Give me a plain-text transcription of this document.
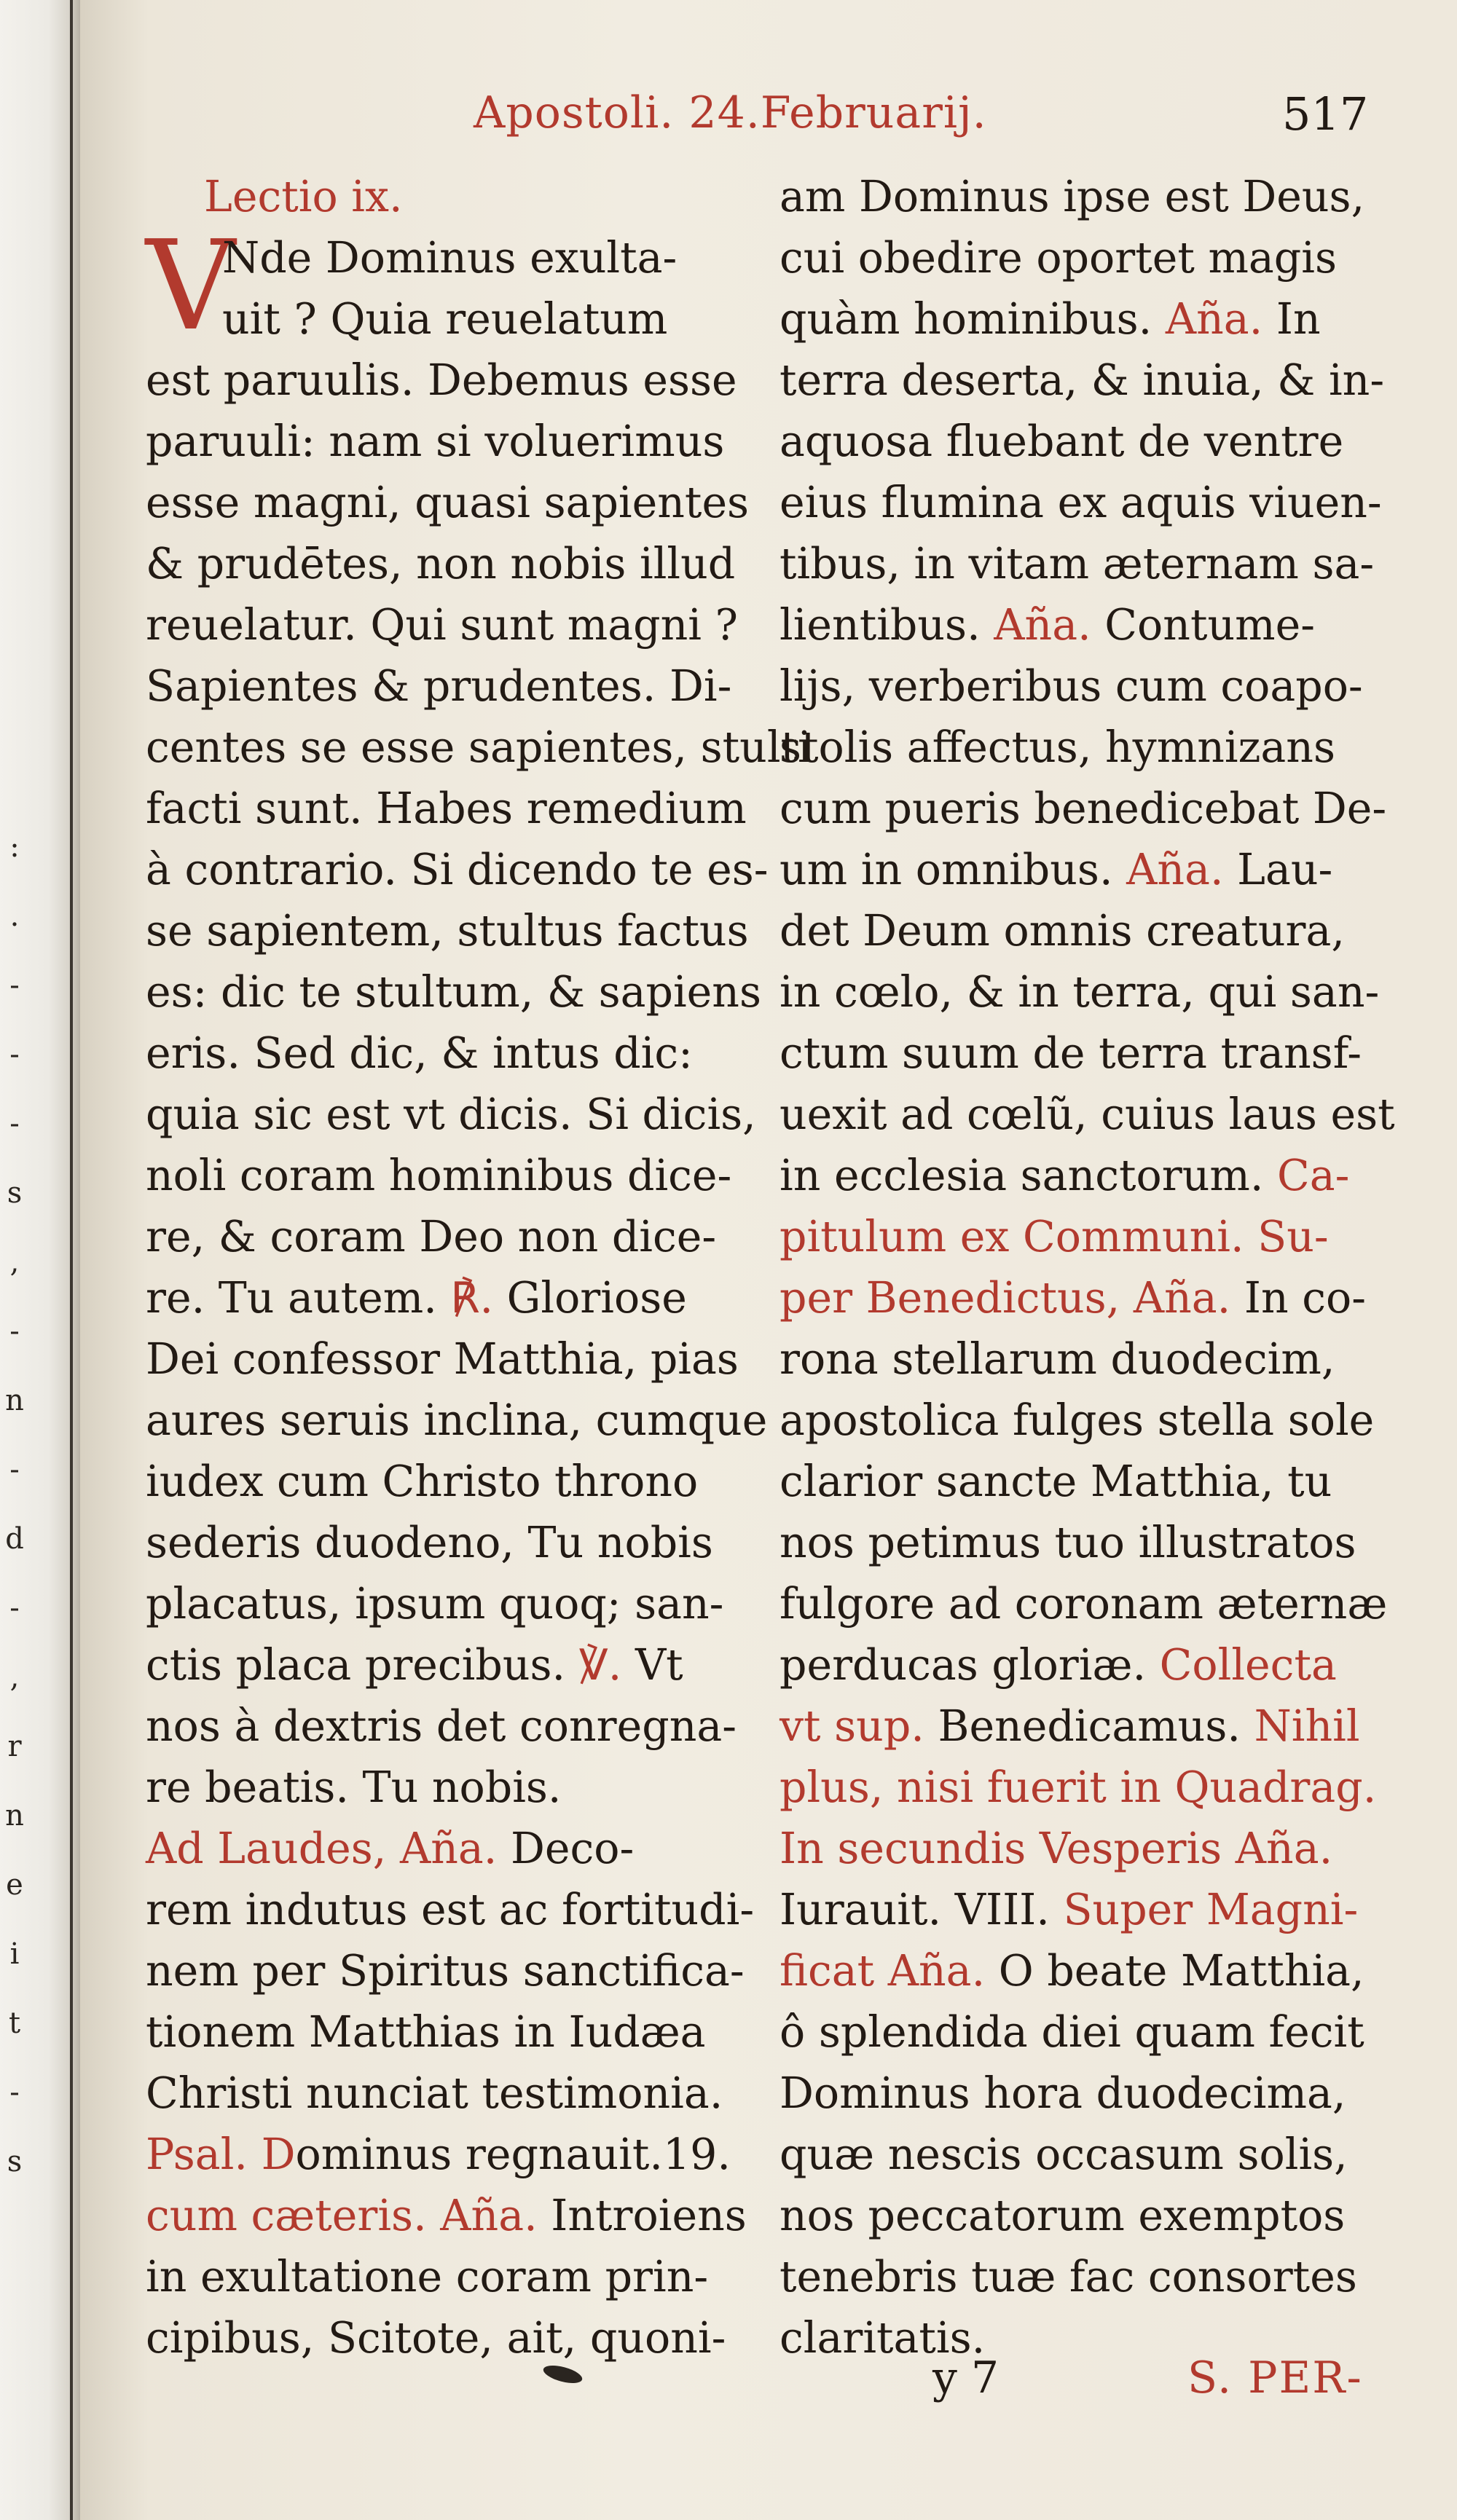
:
.
-
-
-
s
,
-
n
-
d
-
,
r
n
e
i
t
-
s
Apostoli. 24.Februarij.	517
Lectio ix.
V
Nde Dominus exulta-
uit ? Quia reuelatum
est paruulis. Debemus esse
paruuli: nam si voluerimus
esse magni, quasi sapientes
& prudētes, non nobis illud
reuelatur. Qui sunt magni ?
Sapientes & prudentes. Di-
centes se esse sapientes, stulti
facti sunt. Habes remedium
à contrario. Si dicendo te es-
se sapientem, stultus factus
es: dic te stultum, & sapiens
eris. Sed dic, & intus dic:
quia sic est vt dicis. Si dicis,
noli coram hominibus dice-
re, & coram Deo non dice-
re. Tu autem. ℟. Gloriose
Dei confessor Matthia, pias
aures seruis inclina, cumque
iudex cum Christo throno
sederis duodeno, Tu nobis
placatus, ipsum quoq; san-
ctis placa precibus. ℣. Vt
nos à dextris det conregna-
re beatis. Tu nobis.
Ad Laudes, Aña. Deco-
rem indutus est ac fortitudi-
nem per Spiritus sanctifica-
tionem Matthias in Iudæa
Christi nunciat testimonia.
Psal. Dominus regnauit.19.
cum cæteris. Aña. Introiens
in exultatione coram prin-
cipibus, Scitote, ait, quoni-
am Dominus ipse est Deus,
cui obedire oportet magis
quàm hominibus. Aña. In
terra deserta, & inuia, & in-
aquosa fluebant de ventre
eius flumina ex aquis viuen-
tibus, in vitam æternam sa-
lientibus. Aña. Contume-
lijs, verberibus cum coapo-
stolis affectus, hymnizans
cum pueris benedicebat De-
um in omnibus. Aña. Lau-
det Deum omnis creatura,
in cœlo, & in terra, qui san-
ctum suum de terra transf-
uexit ad cœlũ, cuius laus est
in ecclesia sanctorum. Ca-
pitulum ex Communi. Su-
per Benedictus, Aña. In co-
rona stellarum duodecim,
apostolica fulges stella sole
clarior sancte Matthia, tu
nos petimus tuo illustratos
fulgore ad coronam æternæ
perducas gloriæ. Collecta
vt sup. Benedicamus. Nihil
plus, nisi fuerit in Quadrag.
In secundis Vesperis Aña.
Iurauit. VIII. Super Magni-
ficat Aña. O beate Matthia,
ô splendida diei quam fecit
Dominus hora duodecima,
quæ nescis occasum solis,
nos peccatorum exemptos
tenebris tuæ fac consortes
claritatis.
y 7	S. PER-
